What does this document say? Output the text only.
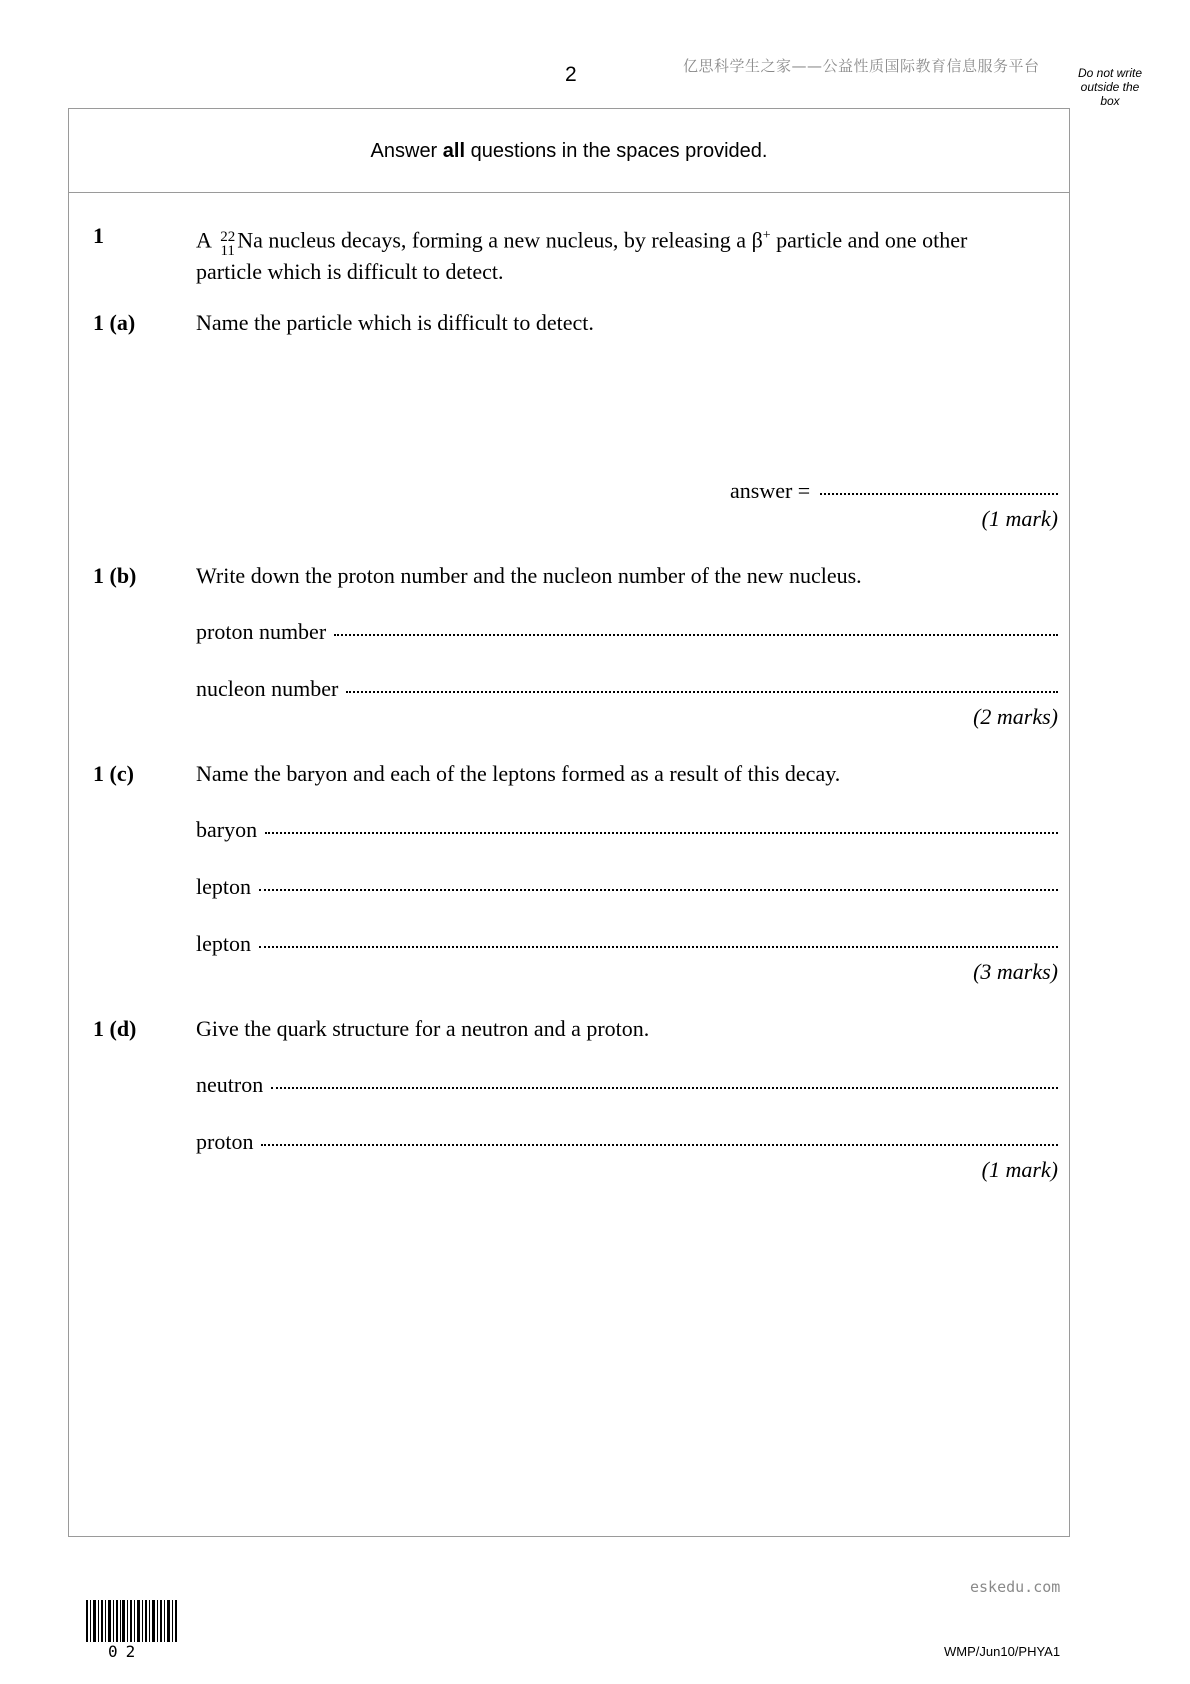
2	亿思科学生之家——公益性质国际教育信息服务平台	Do not write
outside the
box
Answer all questions in the spaces provided.
1	A 22
11 Na nucleus decays, forming a new nucleus, by releasing a β+ particle and one other
particle which is difficult to detect.
1 (a)	Name the particle which is difficult to detect.
answer =
(1 mark)
1 (b)	Write down the proton number and the nucleon number of the new nucleus.
proton number
nucleon number
(2 marks)
1 (c)	Name the baryon and each of the leptons formed as a result of this decay.
baryon
lepton
lepton
(3 marks)
1 (d)	Give the quark structure for a neutron and a proton.
neutron
proton
(1 mark)
eskedu.com
02	WMP/Jun10/PHYA1
